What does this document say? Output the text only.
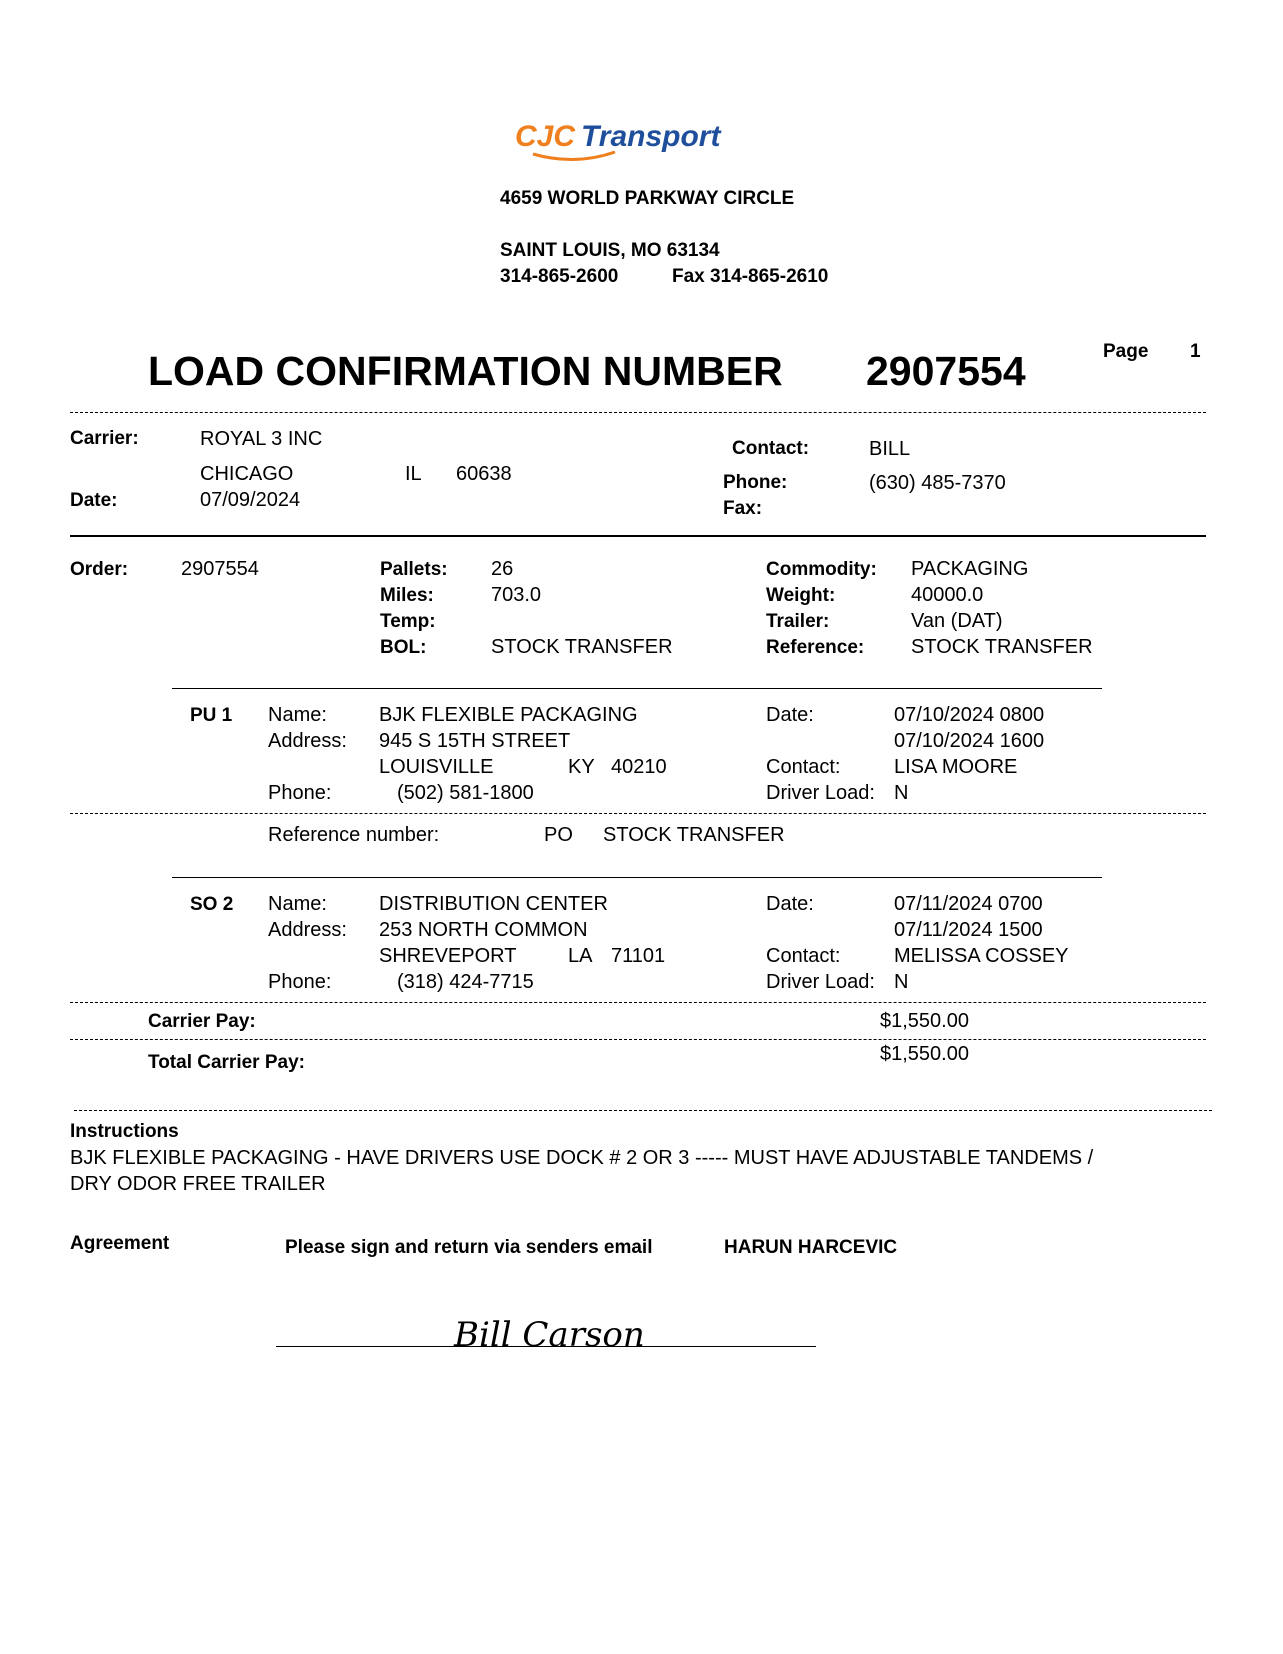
CJC Transport
4659 WORLD PARKWAY CIRCLE
SAINT LOUIS, MO 63134
314-865-2600	Fax 314-865-2610
LOAD CONFIRMATION NUMBER 2907554	Page 1
Carrier:	ROYAL 3 INC
CHICAGO	IL 60638
Date:	07/09/2024
Contact:	BILL
Phone:	(630) 485-7370
Fax:
Order:	2907554	Pallets: 26
Miles:	703.0
Temp:
BOL:	STOCK TRANSFER
Commodity: PACKAGING
Weight:	40000.0
Trailer:	Van (DAT)
Reference: STOCK TRANSFER
PU 1 Name:	BJK FLEXIBLE PACKAGING
Address: 945 S 15TH STREET
LOUISVILLE	KY 40210
Phone:	(502) 581-1800
Date:	07/10/2024 0800
07/10/2024 1600
Contact:	LISA MOORE
Driver Load: N
Reference number:	PO STOCK TRANSFER
SO 2 Name:	DISTRIBUTION CENTER
Address: 253 NORTH COMMON
SHREVEPORT	LA 71101
Phone:	(318) 424-7715
Date:	07/11/2024 0700
07/11/2024 1500
Contact:	MELISSA COSSEY
Driver Load: N
Carrier Pay:	$1,550.00
Total Carrier Pay:	$1,550.00
Instructions
BJK FLEXIBLE PACKAGING - HAVE DRIVERS USE DOCK # 2 OR 3 ----- MUST HAVE ADJUSTABLE TANDEMS /
DRY ODOR FREE TRAILER
Agreement	Please sign and return via senders email	HARUN HARCEVIC
Bill Carson
